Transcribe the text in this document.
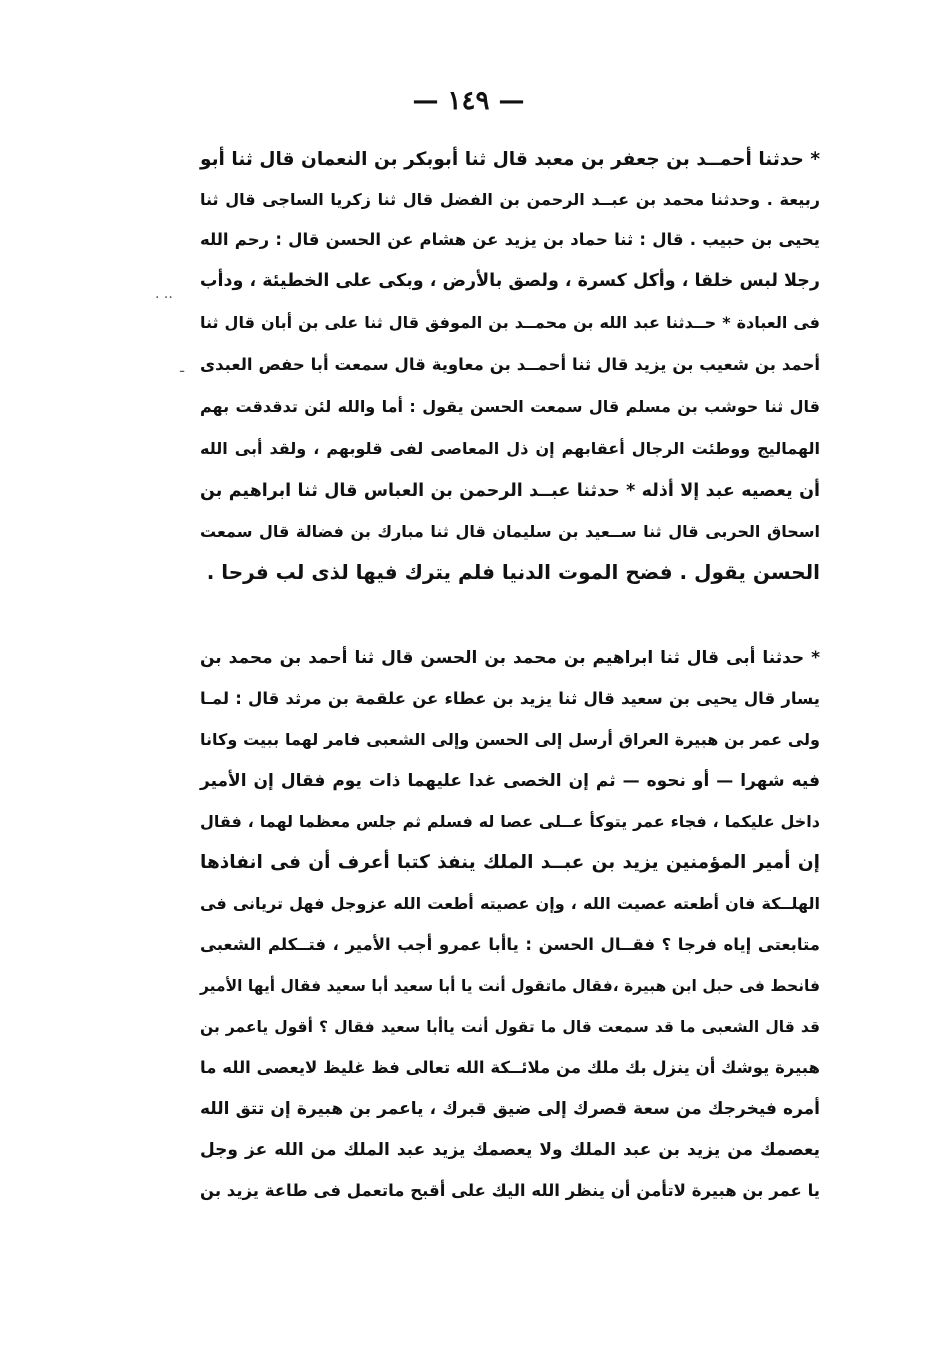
— ١٤٩ —
* حدثنا أحمــد بن جعفر بن معبد قال ثنا أبوبكر بن النعمان قال ثنا أبو
ربيعة . وحدثنا محمد بن عبــد الرحمن بن الفضل قال ثنا زكريا الساجى قال ثنا
يحيى بن حبيب . قال : ثنا حماد بن يزيد عن هشام عن الحسن قال : رحم الله
رجلا لبس خلقا ، وأكل كسرة ، ولصق بالأرض ، وبكى على الخطيئة ، ودأب
فى العبادة * حــدثنا عبد الله بن محمــد بن الموفق قال ثنا على بن أبان قال ثنا
أحمد بن شعيب بن يزيد قال ثنا أحمــد بن معاوية قال سمعت أبا حفص العبدى
قال ثنا حوشب بن مسلم قال سمعت الحسن يقول : أما والله لئن تدقدقت بهم
الهماليج ووطئت الرجال أعقابهم إن ذل المعاصى لفى قلوبهم ، ولقد أبى الله
أن يعصيه عبد إلا أذله * حدثنا عبــد الرحمن بن العباس قال ثنا ابراهيم بن
اسحاق الحربى قال ثنا ســعيد بن سليمان قال ثنا مبارك بن فضالة قال سمعت
الحسن يقول . فضح الموت الدنيا فلم يترك فيها لذى لب فرحا .
* حدثنا أبى قال ثنا ابراهيم بن محمد بن الحسن قال ثنا أحمد بن محمد بن
يسار قال يحيى بن سعيد قال ثنا يزيد بن عطاء عن علقمة بن مرثد قال : لمـا
ولى عمر بن هبيرة العراق أرسل إلى الحسن وإلى الشعبى فامر لهما ببيت وكانا
فيه شهرا — أو نحوه — ثم إن الخصى غدا عليهما ذات يوم فقال إن الأمير
داخل عليكما ، فجاء عمر يتوكأ عــلى عصا له فسلم ثم جلس معظما لهما ، فقال
إن أمير المؤمنين يزيد بن عبــد الملك ينفذ كتبا أعرف أن فى انفاذها
الهلــكة فان أطعته عصيت الله ، وإن عصيته أطعت الله عزوجل فهل تريانى فى
متابعتى إياه فرجا ؟ فقــال الحسن : ياأبا عمرو أجب الأمير ، فتــكلم الشعبى
فانحط فى حبل ابن هبيرة ،فقال ماتقول أنت يا أبا سعيد أبا سعيد فقال أيها الأمير
قد قال الشعبى ما قد سمعت قال ما تقول أنت ياأبا سعيد فقال ؟ أقول ياعمر بن
هبيرة يوشك أن ينزل بك ملك من ملائــكة الله تعالى فظ غليظ لايعصى الله ما
أمره فيخرجك من سعة قصرك إلى ضيق قبرك ، ياعمر بن هبيرة إن تتق الله
يعصمك من يزيد بن عبد الملك ولا يعصمك يزيد عبد الملك من الله عز وجل
يا عمر بن هبيرة لاتأمن أن ينظر الله اليك على أقبح ماتعمل فى طاعة يزيد بن
. ..
ـ
